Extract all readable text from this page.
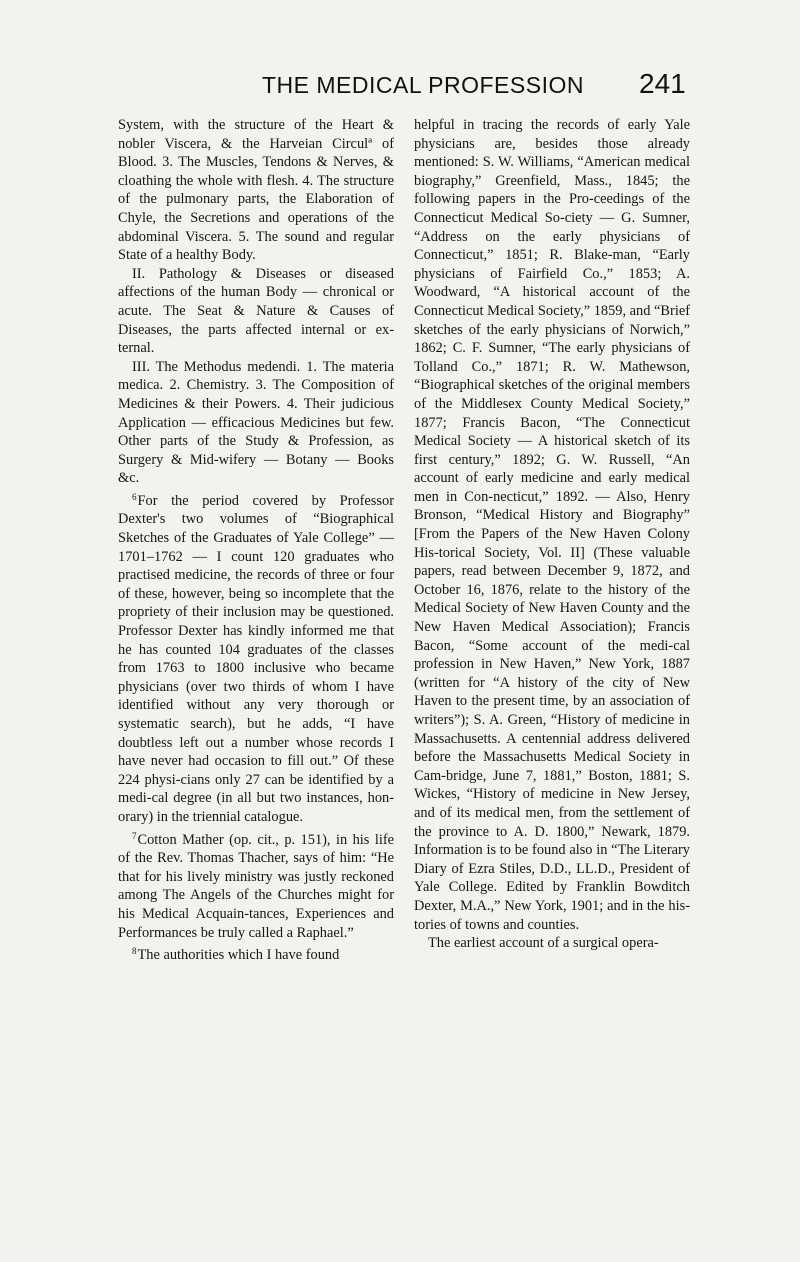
THE MEDICAL PROFESSION 241

System, with the structure of the Heart & nobler Viscera, & the Harveian Circulª of Blood. 3. The Muscles, Tendons & Nerves, & cloathing the whole with flesh. 4. The structure of the pulmonary parts, the Elaboration of Chyle, the Secretions and operations of the abdominal Viscera. 5. The sound and regular State of a healthy Body.

II. Pathology & Diseases or diseased affections of the human Body — chronical or acute. The Seat & Nature & Causes of Diseases, the parts affected internal or ex-ternal.

III. The Methodus medendi. 1. The materia medica. 2. Chemistry. 3. The Composition of Medicines & their Powers. 4. Their judicious Application — efficacious Medicines but few. Other parts of the Study & Profession, as Surgery & Mid-wifery — Botany — Books &c.

$^6$For the period covered by Professor Dexter's two volumes of “Biographical Sketches of the Graduates of Yale College” — 1701–1762 — I count 120 graduates who practised medicine, the records of three or four of these, however, being so incomplete that the propriety of their inclusion may be questioned. Professor Dexter has kindly informed me that he has counted 104 graduates of the classes from 1763 to 1800 inclusive who became physicians (over two thirds of whom I have identified without any very thorough or systematic search), but he adds, “I have doubtless left out a number whose records I have never had occasion to fill out.” Of these 224 physi-cians only 27 can be identified by a medi-cal degree (in all but two instances, hon-orary) in the triennial catalogue.

$^7$Cotton Mather (op. cit., p. 151), in his life of the Rev. Thomas Thacher, says of him: “He that for his lively ministry was justly reckoned among The Angels of the Churches might for his Medical Acquain-tances, Experiences and Performances be truly called a Raphael.”

$^8$The authorities which I have found

helpful in tracing the records of early Yale physicians are, besides those already mentioned: S. W. Williams, “American medical biography,” Greenfield, Mass., 1845; the following papers in the Pro-ceedings of the Connecticut Medical So-ciety — G. Sumner, “Address on the early physicians of Connecticut,” 1851; R. Blake-man, “Early physicians of Fairfield Co.,” 1853; A. Woodward, “A historical account of the Connecticut Medical Society,” 1859, and “Brief sketches of the early physicians of Norwich,” 1862; C. F. Sumner, “The early physicians of Tolland Co.,” 1871; R. W. Mathewson, “Biographical sketches of the original members of the Middlesex County Medical Society,” 1877; Francis Bacon, “The Connecticut Medical Society — A historical sketch of its first century,” 1892; G. W. Russell, “An account of early medicine and early medical men in Con-necticut,” 1892. — Also, Henry Bronson, “Medical History and Biography” [From the Papers of the New Haven Colony His-torical Society, Vol. II] (These valuable papers, read between December 9, 1872, and October 16, 1876, relate to the history of the Medical Society of New Haven County and the New Haven Medical Association); Francis Bacon, “Some account of the medi-cal profession in New Haven,” New York, 1887 (written for “A history of the city of New Haven to the present time, by an association of writers”); S. A. Green, “History of medicine in Massachusetts. A centennial address delivered before the Massachusetts Medical Society in Cam-bridge, June 7, 1881,” Boston, 1881; S. Wickes, “History of medicine in New Jersey, and of its medical men, from the settlement of the province to A. D. 1800,” Newark, 1879. Information is to be found also in “The Literary Diary of Ezra Stiles, D.D., LL.D., President of Yale College. Edited by Franklin Bowditch Dexter, M.A.,” New York, 1901; and in the his-tories of towns and counties.

The earliest account of a surgical opera-
